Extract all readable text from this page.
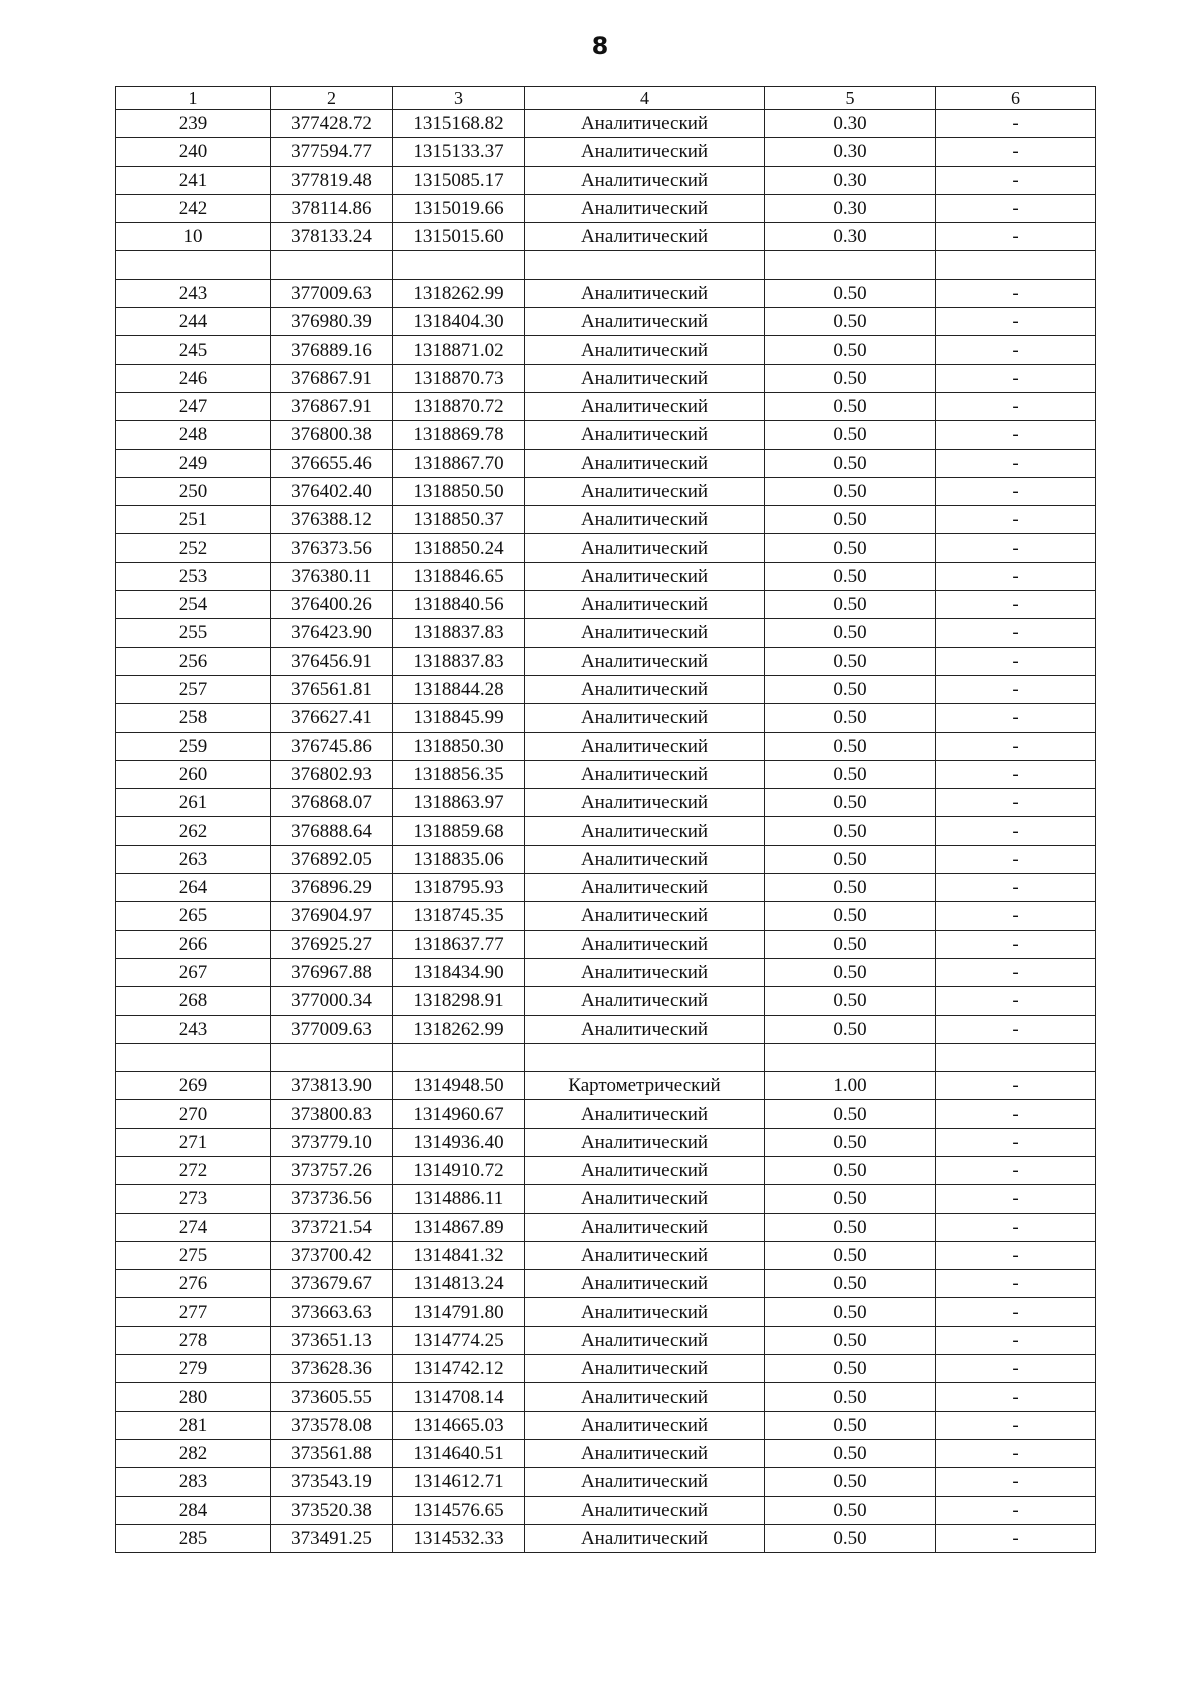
8
1	2	3	4	5	6
239	377428.72	1315168.82	Аналитический	0.30	-
240	377594.77	1315133.37	Аналитический	0.30	-
241	377819.48	1315085.17	Аналитический	0.30	-
242	378114.86	1315019.66	Аналитический	0.30	-
10	378133.24	1315015.60	Аналитический	0.30	-

243	377009.63	1318262.99	Аналитический	0.50	-
244	376980.39	1318404.30	Аналитический	0.50	-
245	376889.16	1318871.02	Аналитический	0.50	-
246	376867.91	1318870.73	Аналитический	0.50	-
247	376867.91	1318870.72	Аналитический	0.50	-
248	376800.38	1318869.78	Аналитический	0.50	-
249	376655.46	1318867.70	Аналитический	0.50	-
250	376402.40	1318850.50	Аналитический	0.50	-
251	376388.12	1318850.37	Аналитический	0.50	-
252	376373.56	1318850.24	Аналитический	0.50	-
253	376380.11	1318846.65	Аналитический	0.50	-
254	376400.26	1318840.56	Аналитический	0.50	-
255	376423.90	1318837.83	Аналитический	0.50	-
256	376456.91	1318837.83	Аналитический	0.50	-
257	376561.81	1318844.28	Аналитический	0.50	-
258	376627.41	1318845.99	Аналитический	0.50	-
259	376745.86	1318850.30	Аналитический	0.50	-
260	376802.93	1318856.35	Аналитический	0.50	-
261	376868.07	1318863.97	Аналитический	0.50	-
262	376888.64	1318859.68	Аналитический	0.50	-
263	376892.05	1318835.06	Аналитический	0.50	-
264	376896.29	1318795.93	Аналитический	0.50	-
265	376904.97	1318745.35	Аналитический	0.50	-
266	376925.27	1318637.77	Аналитический	0.50	-
267	376967.88	1318434.90	Аналитический	0.50	-
268	377000.34	1318298.91	Аналитический	0.50	-
243	377009.63	1318262.99	Аналитический	0.50	-

269	373813.90	1314948.50	Картометрический	1.00	-
270	373800.83	1314960.67	Аналитический	0.50	-
271	373779.10	1314936.40	Аналитический	0.50	-
272	373757.26	1314910.72	Аналитический	0.50	-
273	373736.56	1314886.11	Аналитический	0.50	-
274	373721.54	1314867.89	Аналитический	0.50	-
275	373700.42	1314841.32	Аналитический	0.50	-
276	373679.67	1314813.24	Аналитический	0.50	-
277	373663.63	1314791.80	Аналитический	0.50	-
278	373651.13	1314774.25	Аналитический	0.50	-
279	373628.36	1314742.12	Аналитический	0.50	-
280	373605.55	1314708.14	Аналитический	0.50	-
281	373578.08	1314665.03	Аналитический	0.50	-
282	373561.88	1314640.51	Аналитический	0.50	-
283	373543.19	1314612.71	Аналитический	0.50	-
284	373520.38	1314576.65	Аналитический	0.50	-
285	373491.25	1314532.33	Аналитический	0.50	-
